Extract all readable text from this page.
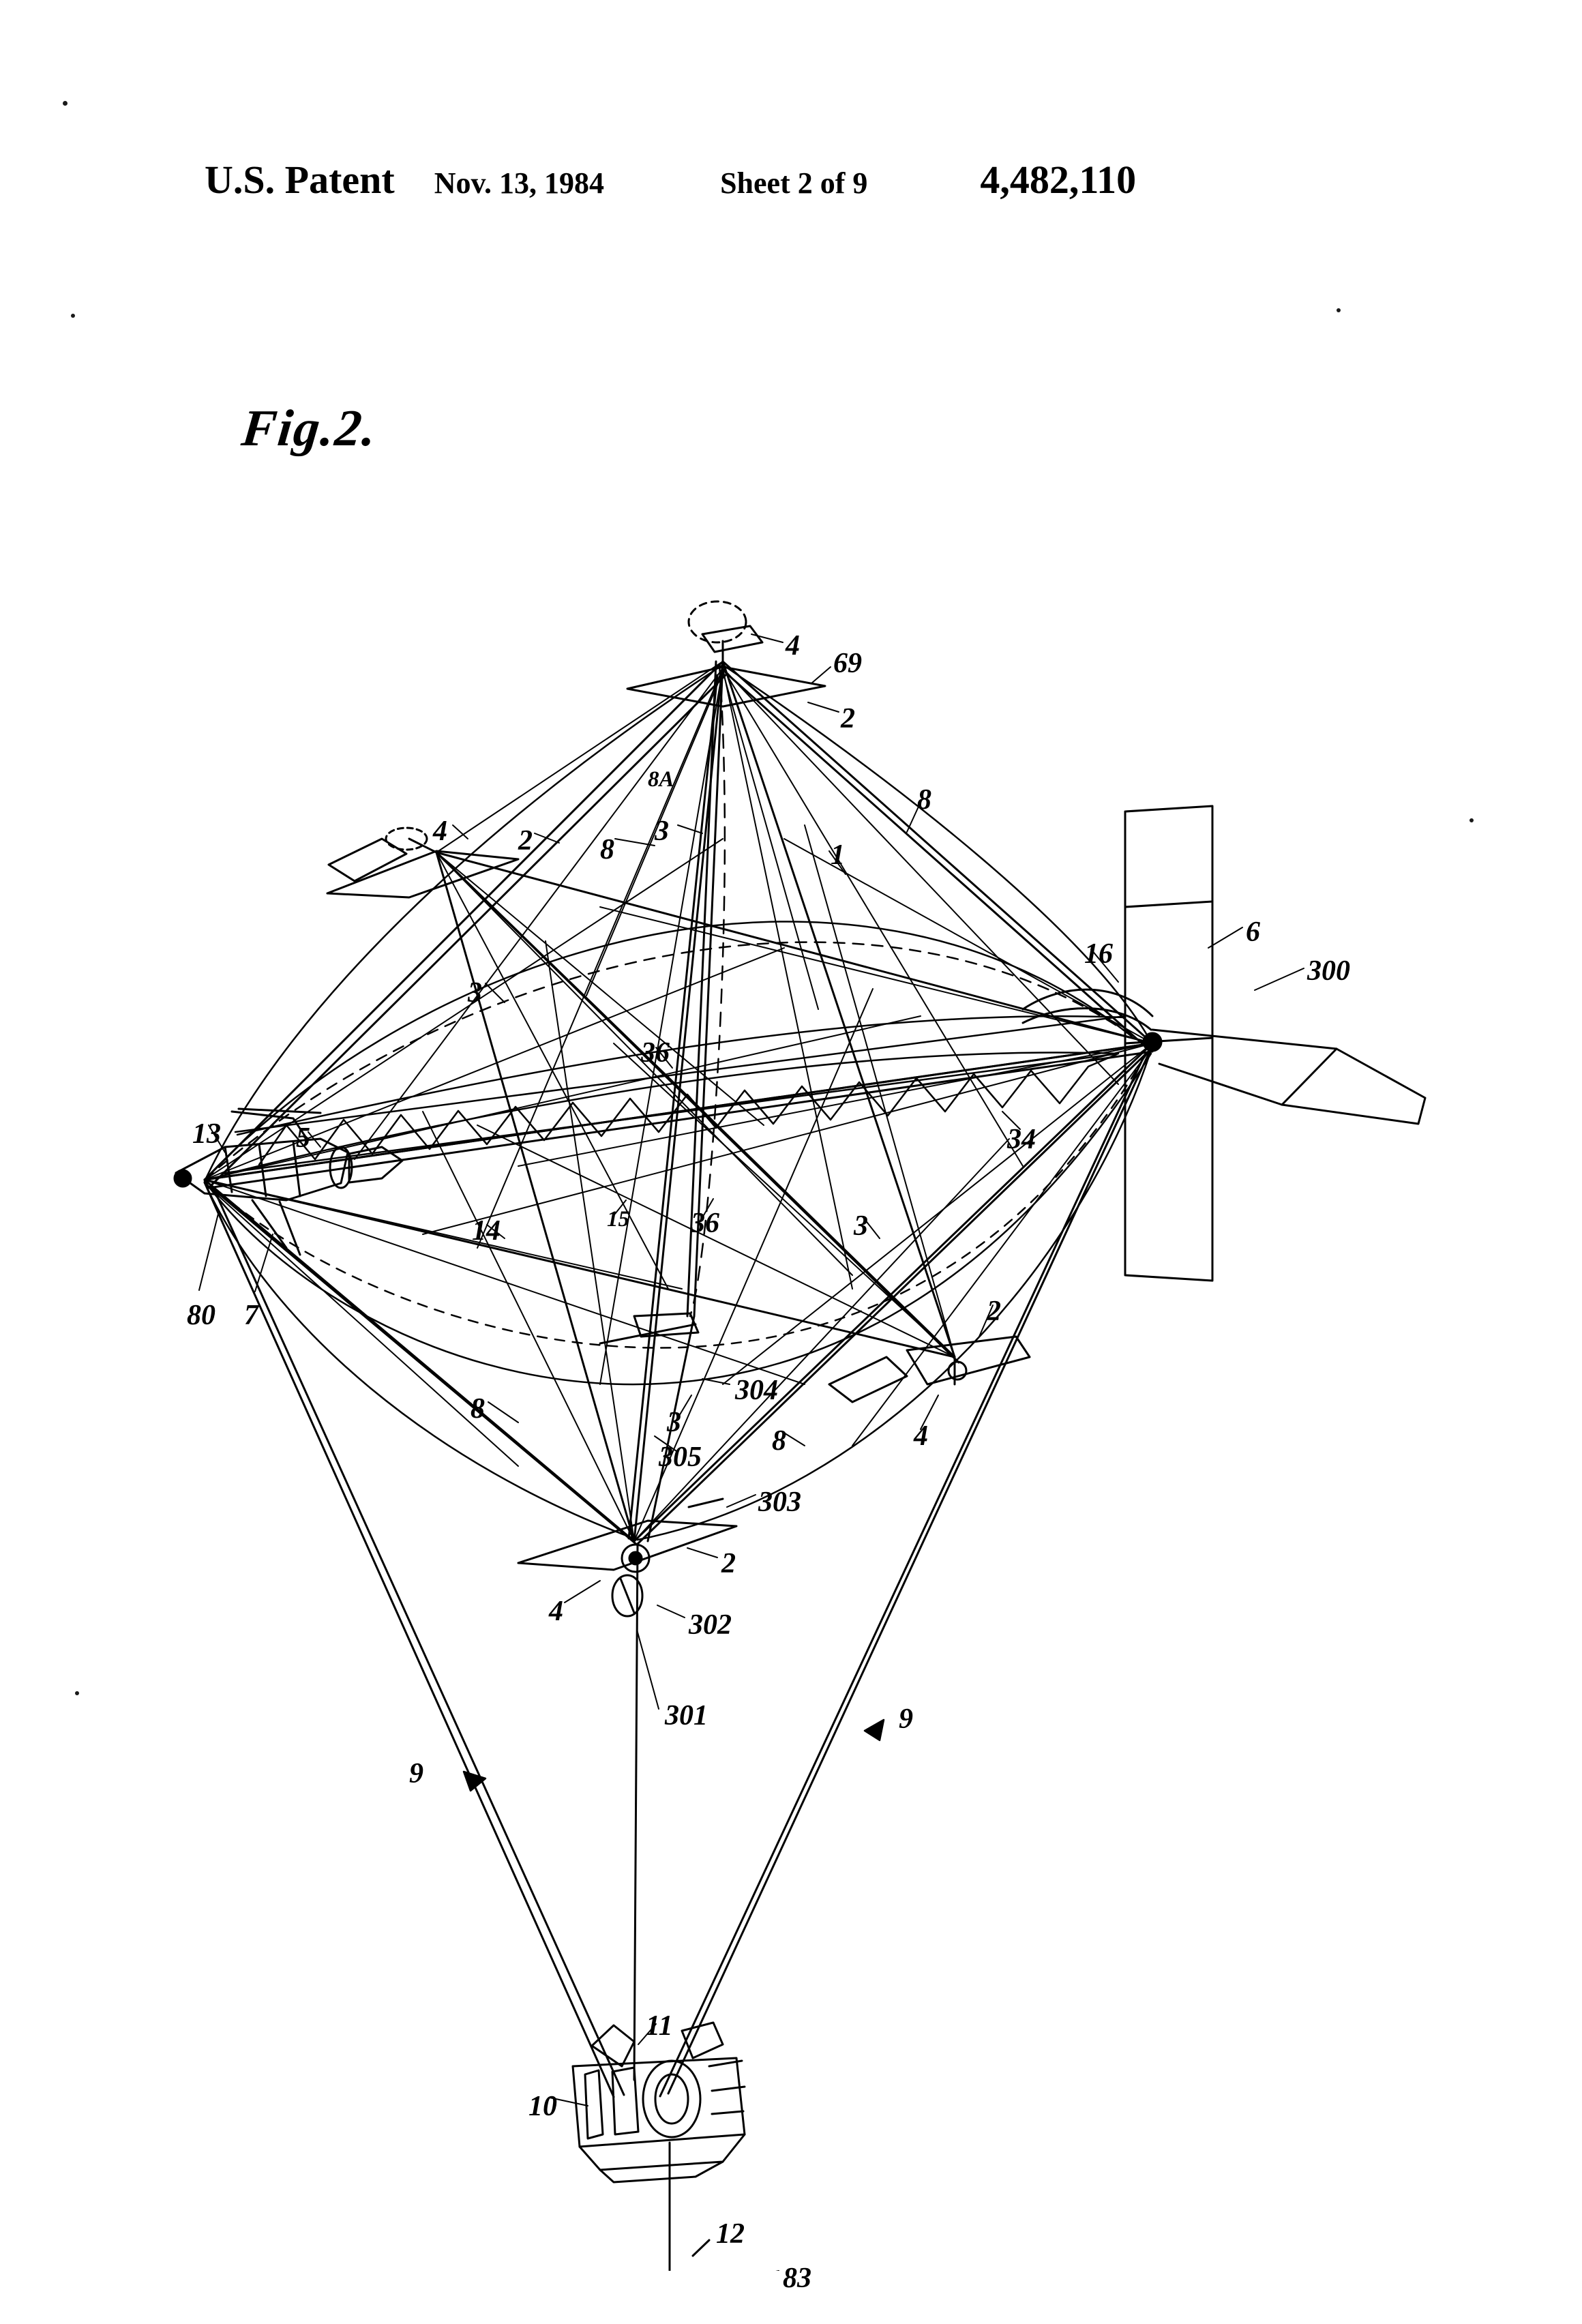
U.S. Patent Nov. 13, 1984	Sheet 2 of 9	4,482,110
Fig.2.
4
69
2
8A
8
3
8	1
4 2
16
6
300
3
36
13	5	34
14	15 36	3
80 7	2
8
304
3
8	4
305
303
2
4	302
301	9
9
11
10
12
83
